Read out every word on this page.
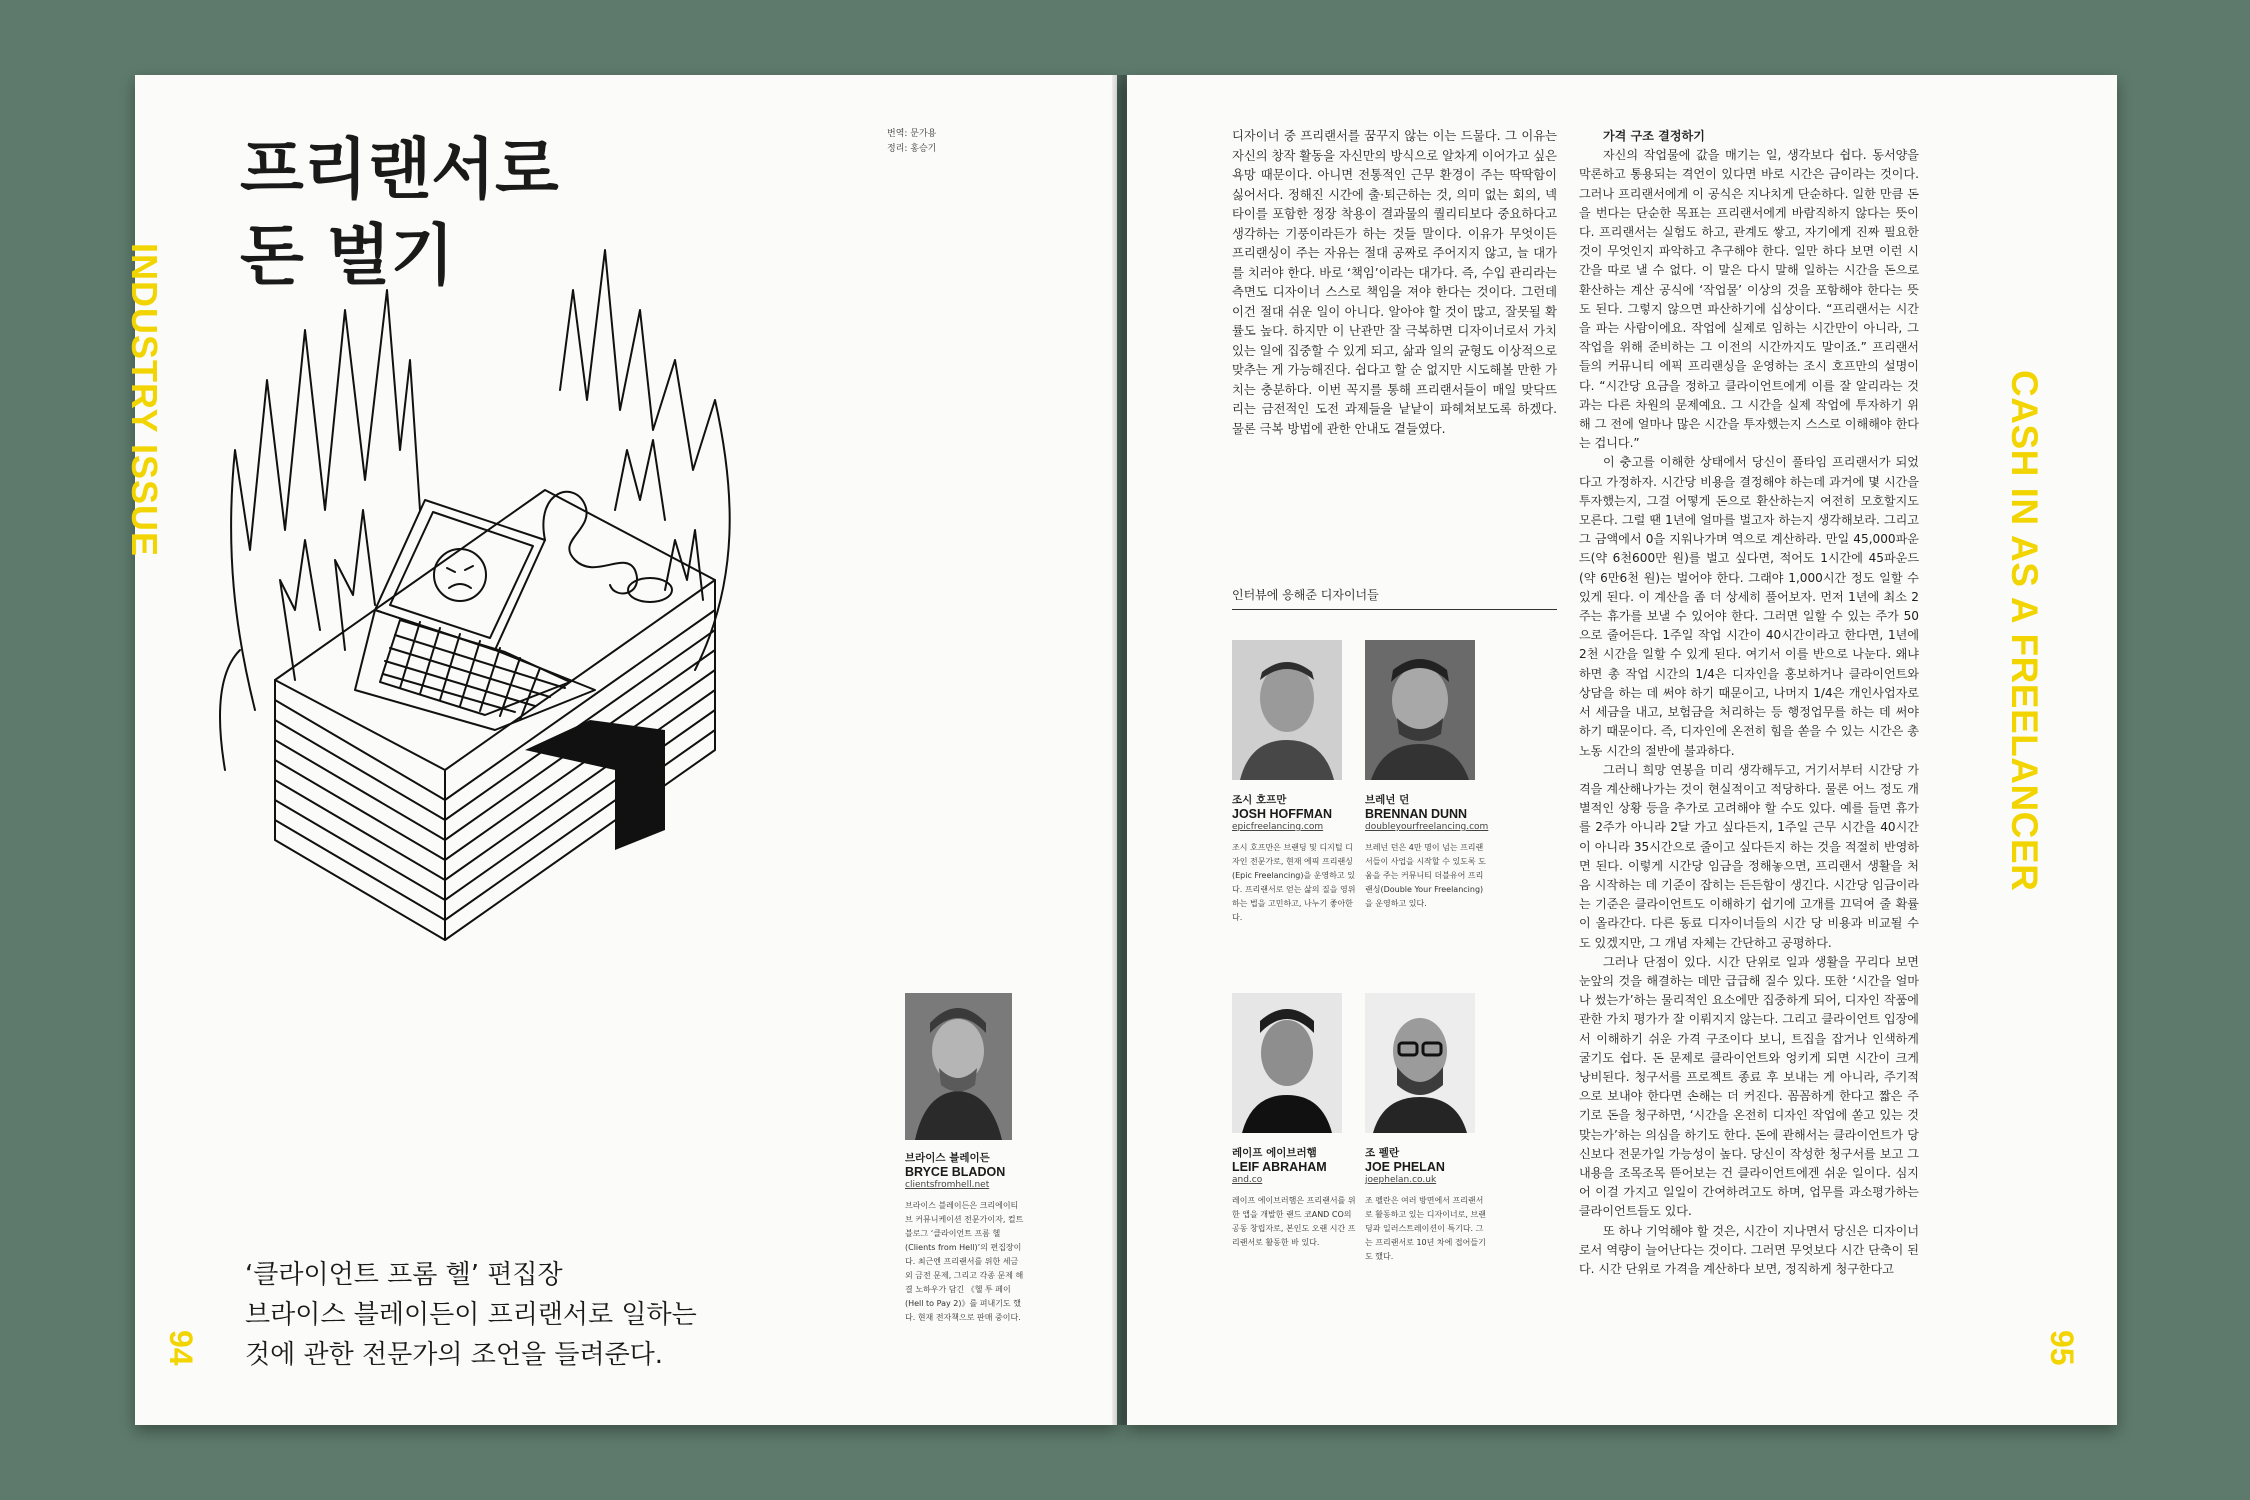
프리랜서로
돈 벌기
번역: 문가용
정리: 홍승기
INDUSTRY ISSUE
브라이스 블레이든
BRYCE BLADON
clientsfromhell.net
브라이스 블레이든은 크리에이티브 커뮤니케이션 전문가이자, 컬트 블로그 ‘클라이언트 프롬 헬(Clients from Hell)’의 편집장이다. 최근엔 프리랜서를 위한 세금 외 금전 문제, 그리고 각종 문제 해결 노하우가 담긴 《헬 투 페이(Hell to Pay 2)》를 펴내기도 했다. 현재 전자책으로 판매 중이다.

‘클라이언트 프롬 헬’ 편집장
브라이스 블레이든이 프리랜서로 일하는
것에 관한 전문가의 조언을 들려준다.

94

디자이너 중 프리랜서를 꿈꾸지 않는 이는 드물다. 그 이유는 자신의 창작 활동을 자신만의 방식으로 알차게 이어가고 싶은 욕망 때문이다. 아니면 전통적인 근무 환경이 주는 딱딱함이 싫어서다. 정해진 시간에 출·퇴근하는 것, 의미 없는 회의, 넥타이를 포함한 정장 착용이 결과물의 퀄리티보다 중요하다고 생각하는 기풍이라든가 하는 것들 말이다. 이유가 무엇이든 프리랜싱이 주는 자유는 절대 공짜로 주어지지 않고, 늘 대가를 치러야 한다. 바로 ‘책임’이라는 대가다. 즉, 수입 관리라는 측면도 디자이너 스스로 책임을 져야 한다는 것이다. 그런데 이건 절대 쉬운 일이 아니다. 알아야 할 것이 많고, 잘못될 확률도 높다. 하지만 이 난관만 잘 극복하면 디자이너로서 가치 있는 일에 집중할 수 있게 되고, 삶과 일의 균형도 이상적으로 맞추는 게 가능해진다. 쉽다고 할 순 없지만 시도해볼 만한 가치는 충분하다. 이번 꼭지를 통해 프리랜서들이 매일 맞닥뜨리는 금전적인 도전 과제들을 낱낱이 파헤쳐보도록 하겠다. 물론 극복 방법에 관한 안내도 곁들였다.

인터뷰에 응해준 디자이너들
조시 호프만
JOSH HOFFMAN
epicfreelancing.com
조시 호프만은 브랜딩 및 디지털 디자인 전문가로, 현재 에픽 프리랜싱(Epic Freelancing)을 운영하고 있다. 프리랜서로 얻는 삶의 질을 영위하는 법을 고민하고, 나누기 좋아한다.
브레넌 던
BRENNAN DUNN
doubleyourfreelancing.com
브레넌 던은 4만 명이 넘는 프리랜서들이 사업을 시작할 수 있도록 도움을 주는 커뮤니티 더블유어 프리랜싱(Double Your Freelancing)을 운영하고 있다.
레이프 에이브러햄
LEIF ABRAHAM
and.co
레이프 에이브러햄은 프리랜서를 위한 앱을 개발한 랜드 코AND CO의 공동 창립자로, 본인도 오랜 시간 프리랜서로 활동한 바 있다.
조 펠란
JOE PHELAN
joephelan.co.uk
조 펠란은 여러 방면에서 프리랜서로 활동하고 있는 디자이너로, 브랜딩과 일러스트레이션이 특기다. 그는 프리랜서로 10년 차에 접어들기도 했다.

가격 구조 결정하기

자신의 작업물에 값을 매기는 일, 생각보다 쉽다. 동서양을 막론하고 통용되는 격언이 있다면 바로 시간은 금이라는 것이다. 그러나 프리랜서에게 이 공식은 지나치게 단순하다. 일한 만큼 돈을 번다는 단순한 목표는 프리랜서에게 바람직하지 않다는 뜻이다. 프리랜서는 실험도 하고, 관계도 쌓고, 자기에게 진짜 필요한 것이 무엇인지 파악하고 추구해야 한다. 일만 하다 보면 이런 시간을 따로 낼 수 없다. 이 말은 다시 말해 일하는 시간을 돈으로 환산하는 계산 공식에 ‘작업물’ 이상의 것을 포함해야 한다는 뜻도 된다. 그렇지 않으면 파산하기에 십상이다. “프리랜서는 시간을 파는 사람이에요. 작업에 실제로 임하는 시간만이 아니라, 그 작업을 위해 준비하는 그 이전의 시간까지도 말이죠.” 프리랜서들의 커뮤니티 에픽 프리랜싱을 운영하는 조시 호프만의 설명이다. “시간당 요금을 정하고 클라이언트에게 이를 잘 알리라는 것과는 다른 차원의 문제예요. 그 시간을 실제 작업에 투자하기 위해 그 전에 얼마나 많은 시간을 투자했는지 스스로 이해해야 한다는 겁니다.”

이 충고를 이해한 상태에서 당신이 풀타임 프리랜서가 되었다고 가정하자. 시간당 비용을 결정해야 하는데 과거에 몇 시간을 투자했는지, 그걸 어떻게 돈으로 환산하는지 여전히 모호할지도 모른다. 그럴 땐 1년에 얼마를 벌고자 하는지 생각해보라. 그리고 그 금액에서 0을 지워나가며 역으로 계산하라. 만일 45,000파운드(약 6천600만 원)를 벌고 싶다면, 적어도 1시간에 45파운드(약 6만6천 원)는 벌어야 한다. 그래야 1,000시간 정도 일할 수 있게 된다. 이 계산을 좀 더 상세히 풀어보자. 먼저 1년에 최소 2주는 휴가를 보낼 수 있어야 한다. 그러면 일할 수 있는 주가 50으로 줄어든다. 1주일 작업 시간이 40시간이라고 한다면, 1년에 2천 시간을 일할 수 있게 된다. 여기서 이를 반으로 나눈다. 왜냐하면 총 작업 시간의 1/4은 디자인을 홍보하거나 클라이언트와 상담을 하는 데 써야 하기 때문이고, 나머지 1/4은 개인사업자로서 세금을 내고, 보험금을 처리하는 등 행정업무를 하는 데 써야 하기 때문이다. 즉, 디자인에 온전히 힘을 쏟을 수 있는 시간은 총 노동 시간의 절반에 불과하다.

그러니 희망 연봉을 미리 생각해두고, 거기서부터 시간당 가격을 계산해나가는 것이 현실적이고 적당하다. 물론 어느 정도 개별적인 상황 등을 추가로 고려해야 할 수도 있다. 예를 들면 휴가를 2주가 아니라 2달 가고 싶다든지, 1주일 근무 시간을 40시간이 아니라 35시간으로 줄이고 싶다든지 하는 것을 적절히 반영하면 된다. 이렇게 시간당 임금을 정해놓으면, 프리랜서 생활을 처음 시작하는 데 기준이 잡히는 든든함이 생긴다. 시간당 임금이라는 기준은 클라이언트도 이해하기 쉽기에 고개를 끄덕여 줄 확률이 올라간다. 다른 동료 디자이너들의 시간 당 비용과 비교될 수도 있겠지만, 그 개념 자체는 간단하고 공평하다.

그러나 단점이 있다. 시간 단위로 일과 생활을 꾸리다 보면 눈앞의 것을 해결하는 데만 급급해 질수 있다. 또한 ‘시간을 얼마나 썼는가’하는 물리적인 요소에만 집중하게 되어, 디자인 작품에 관한 가치 평가가 잘 이뤄지지 않는다. 그리고 클라이언트 입장에서 이해하기 쉬운 가격 구조이다 보니, 트집을 잡거나 인색하게 굴기도 쉽다. 돈 문제로 클라이언트와 엉키게 되면 시간이 크게 낭비된다. 청구서를 프로젝트 종료 후 보내는 게 아니라, 주기적으로 보내야 한다면 손해는 더 커진다. 꼼꼼하게 한다고 짧은 주기로 돈을 청구하면, ‘시간을 온전히 디자인 작업에 쏟고 있는 것 맞는가’하는 의심을 하기도 한다. 돈에 관해서는 클라이언트가 당신보다 전문가일 가능성이 높다. 당신이 작성한 청구서를 보고 그 내용을 조목조목 뜯어보는 건 클라이언트에겐 쉬운 일이다. 심지어 이걸 가지고 일일이 간여하려고도 하며, 업무를 과소평가하는 클라이언트들도 있다.

또 하나 기억해야 할 것은, 시간이 지나면서 당신은 디자이너로서 역량이 늘어난다는 것이다. 그러면 무엇보다 시간 단축이 된다. 시간 단위로 가격을 계산하다 보면, 정직하게 청구한다고

CASH IN AS A FREELANCER
95
